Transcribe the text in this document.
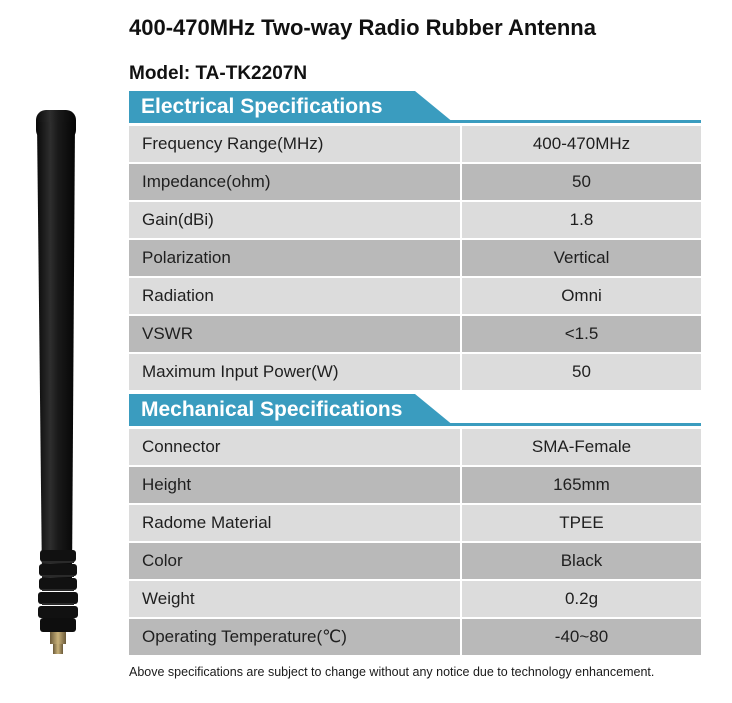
400-470MHz Two-way Radio Rubber Antenna
Model: TA-TK2207N
Electrical Specifications
Frequency Range(MHz)	400-470MHz
Impedance(ohm)	50
Gain(dBi)	1.8
Polarization	Vertical
Radiation	Omni
VSWR	<1.5
Maximum Input Power(W)	50
Mechanical Specifications
Connector	SMA-Female
Height	165mm
Radome Material	TPEE
Color	Black
Weight	0.2g
Operating Temperature(℃)	-40~80
Above specifications are subject to change without any notice due to technology enhancement.
